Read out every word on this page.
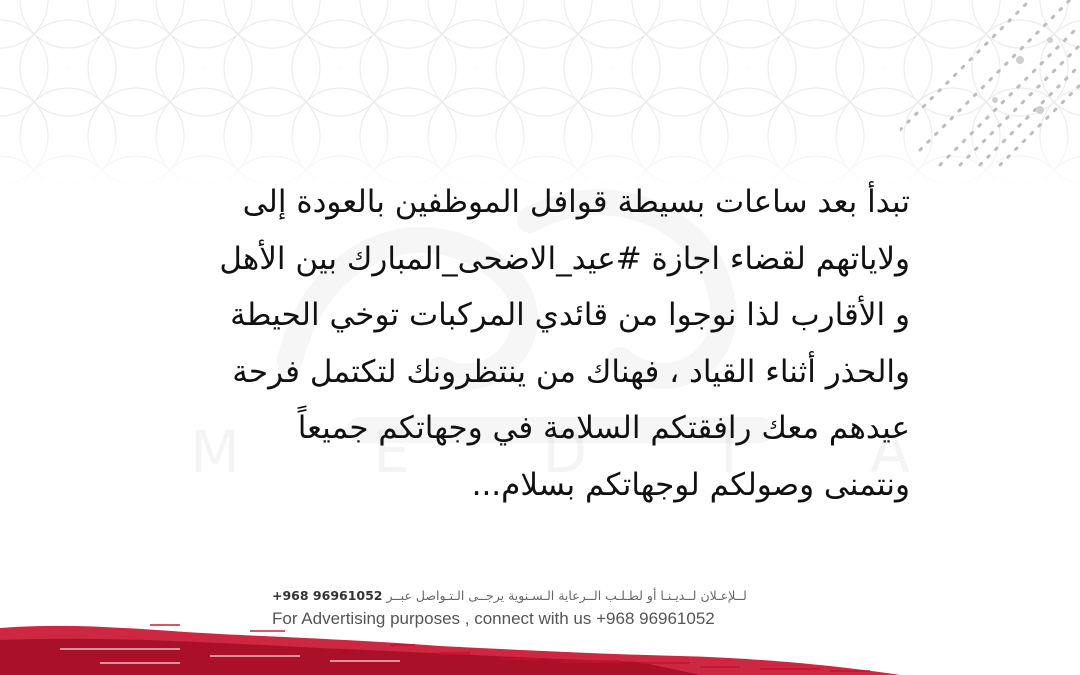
تبدأ بعد ساعات بسيطة قوافل الموظفين بالعودة إلى
ولاياتهم لقضاء اجازة #عيد_الاضحى_المبارك بين الأهل
و الأقارب لذا نوجوا من قائدي المركبات توخي الحيطة
والحذر أثناء القياد ، فهناك من ينتظرونك لتكتمل فرحة
عيدهم معك رافقتكم السلامة في وجهاتكم جميعاً
ونتمنى وصولكم لوجهاتكم بسلام...
لــلإعـلان لــديـنـا أو لطـلـب الــرعاية الـسـنوية يرجــى الـتـواصل عبــر +968 96961052
For Advertising purposes , connect with us +968 96961052
